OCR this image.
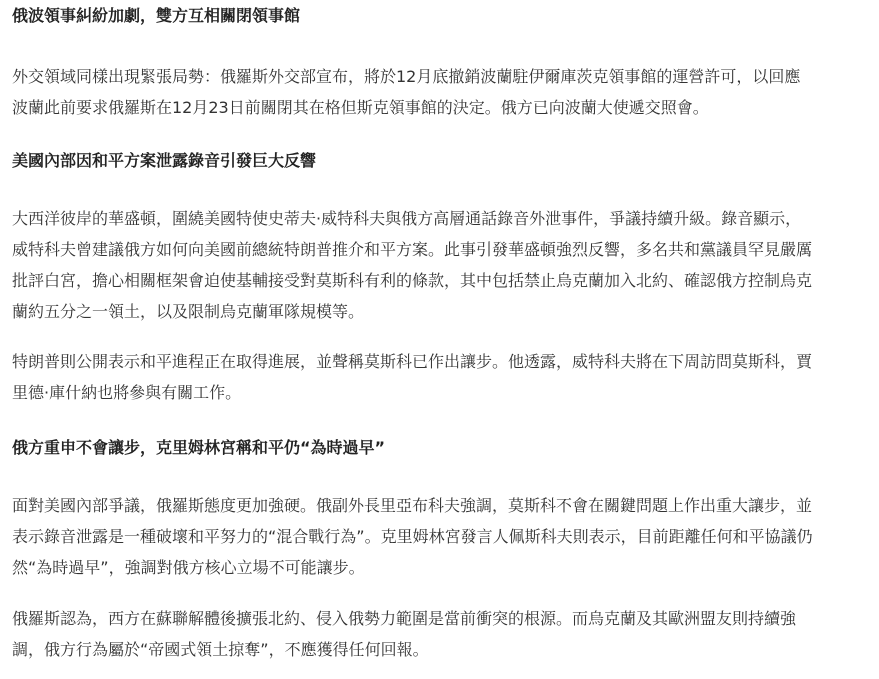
俄波領事糾紛加劇，雙方互相關閉領事館
外交領域同樣出現緊張局勢：俄羅斯外交部宣布，將於12月底撤銷波蘭駐伊爾庫茨克領事館的運營許可，以回應
波蘭此前要求俄羅斯在12月23日前關閉其在格但斯克領事館的決定。俄方已向波蘭大使遞交照會。
美國內部因和平方案泄露錄音引發巨大反響
大西洋彼岸的華盛頓，圍繞美國特使史蒂夫·威特科夫與俄方高層通話錄音外泄事件，爭議持續升級。錄音顯示，
威特科夫曾建議俄方如何向美國前總統特朗普推介和平方案。此事引發華盛頓強烈反響，多名共和黨議員罕見嚴厲
批評白宮，擔心相關框架會迫使基輔接受對莫斯科有利的條款，其中包括禁止烏克蘭加入北約、確認俄方控制烏克
蘭約五分之一領土，以及限制烏克蘭軍隊規模等。
特朗普則公開表示和平進程正在取得進展，並聲稱莫斯科已作出讓步。他透露，威特科夫將在下周訪問莫斯科，賈
里德·庫什納也將參與有關工作。
俄方重申不會讓步，克里姆林宮稱和平仍“為時過早”
面對美國內部爭議，俄羅斯態度更加強硬。俄副外長里亞布科夫強調，莫斯科不會在關鍵問題上作出重大讓步，並
表示錄音泄露是一種破壞和平努力的“混合戰行為”。克里姆林宮發言人佩斯科夫則表示，目前距離任何和平協議仍
然“為時過早”，強調對俄方核心立場不可能讓步。
俄羅斯認為，西方在蘇聯解體後擴張北約、侵入俄勢力範圍是當前衝突的根源。而烏克蘭及其歐洲盟友則持續強
調，俄方行為屬於“帝國式領土掠奪”，不應獲得任何回報。
